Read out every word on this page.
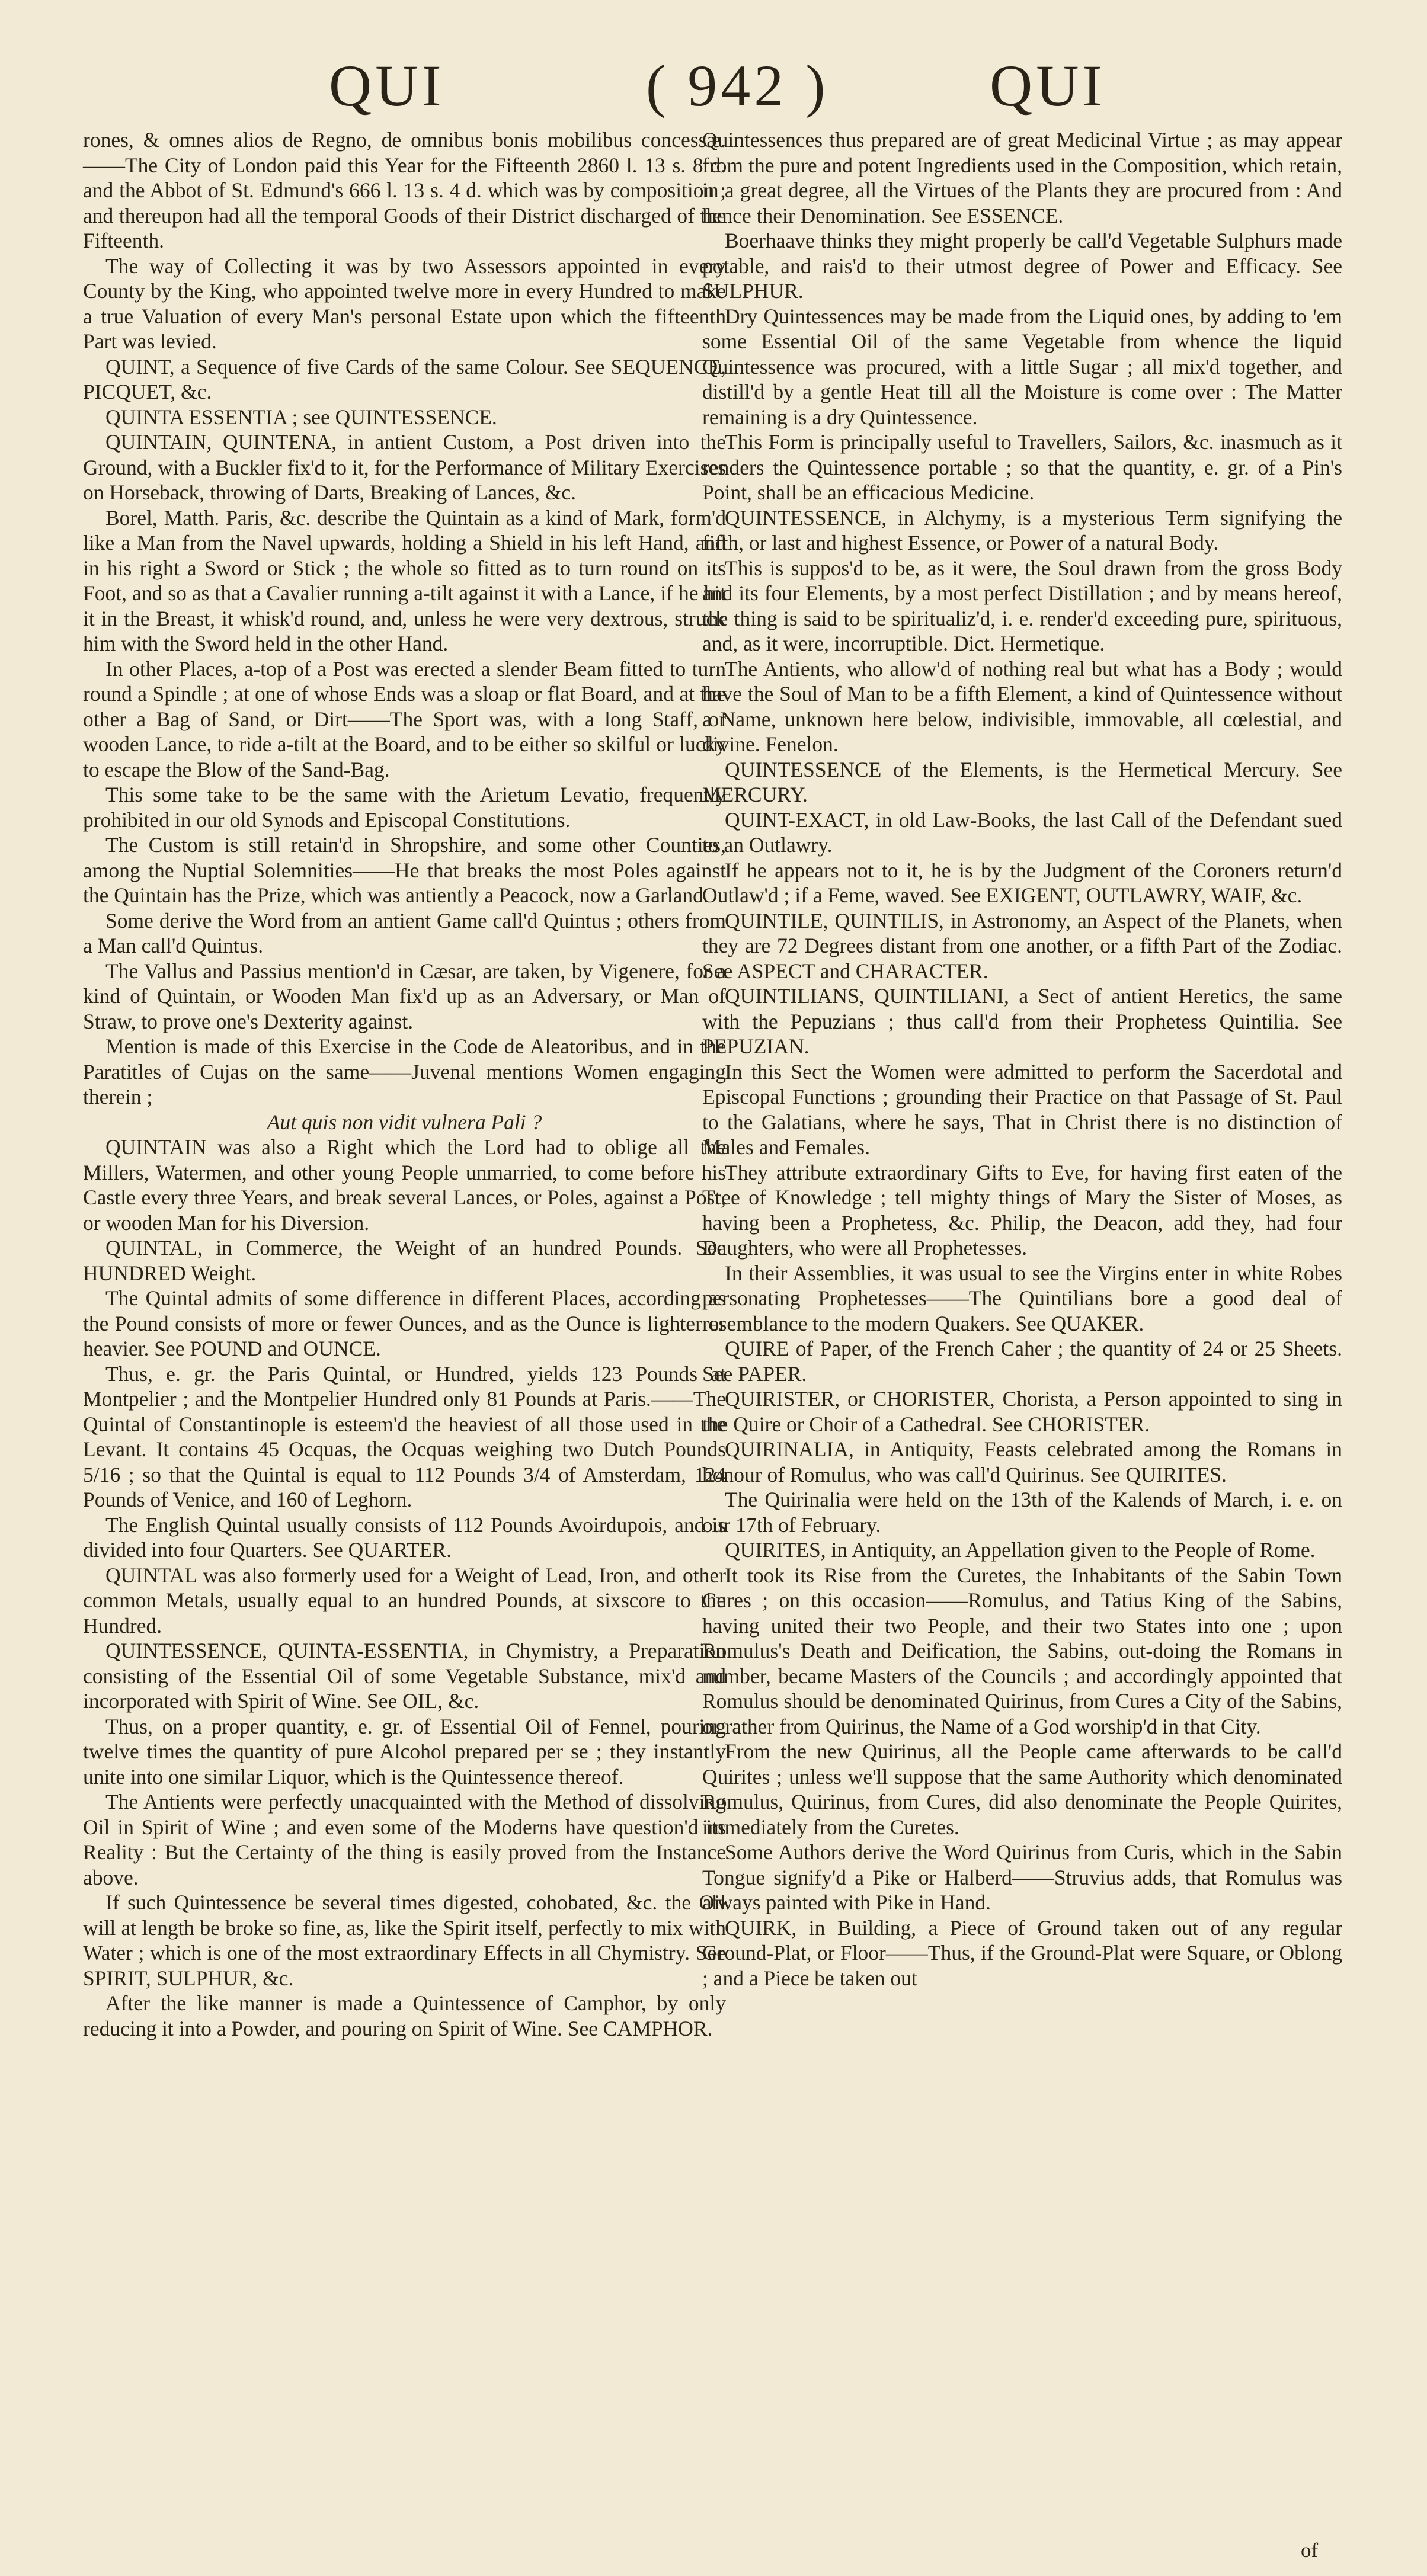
QUI	( 942 )	QUI

rones, & omnes alios de Regno, de omnibus bonis mobilibus concessæ.——The City of London paid this Year for the Fifteenth 2860 l. 13 s. 8 d. and the Abbot of St. Edmund's 666 l. 13 s. 4 d. which was by composition ; and thereupon had all the temporal Goods of their District discharged of the Fifteenth.

The way of Collecting it was by two Assessors appointed in every County by the King, who appointed twelve more in every Hundred to make a true Valuation of every Man's personal Estate upon which the fifteenth Part was levied.

QUINT, a Sequence of five Cards of the same Colour. See SEQUENCE, PICQUET, &c.

QUINTA ESSENTIA ; see QUINTESSENCE.

QUINTAIN, QUINTENA, in antient Custom, a Post driven into the Ground, with a Buckler fix'd to it, for the Performance of Military Exercises on Horseback, throwing of Darts, Breaking of Lances, &c.

Borel, Matth. Paris, &c. describe the Quintain as a kind of Mark, form'd like a Man from the Navel upwards, holding a Shield in his left Hand, and in his right a Sword or Stick ; the whole so fitted as to turn round on its Foot, and so as that a Cavalier running a-tilt against it with a Lance, if he hit it in the Breast, it whisk'd round, and, unless he were very dextrous, struck him with the Sword held in the other Hand.

In other Places, a-top of a Post was erected a slender Beam fitted to turn round a Spindle ; at one of whose Ends was a sloap or flat Board, and at the other a Bag of Sand, or Dirt——The Sport was, with a long Staff, or wooden Lance, to ride a-tilt at the Board, and to be either so skilful or lucky to escape the Blow of the Sand-Bag.

This some take to be the same with the Arietum Levatio, frequently prohibited in our old Synods and Episcopal Constitutions.

The Custom is still retain'd in Shropshire, and some other Counties, among the Nuptial Solemnities——He that breaks the most Poles against the Quintain has the Prize, which was antiently a Peacock, now a Garland.

Some derive the Word from an antient Game call'd Quintus ; others from a Man call'd Quintus.

The Vallus and Passius mention'd in Cæsar, are taken, by Vigenere, for a kind of Quintain, or Wooden Man fix'd up as an Adversary, or Man of Straw, to prove one's Dexterity against.

Mention is made of this Exercise in the Code de Aleatoribus, and in the Paratitles of Cujas on the same——Juvenal mentions Women engaging therein ;

Aut quis non vidit vulnera Pali ?

QUINTAIN was also a Right which the Lord had to oblige all the Millers, Watermen, and other young People unmarried, to come before his Castle every three Years, and break several Lances, or Poles, against a Post, or wooden Man for his Diversion.

QUINTAL, in Commerce, the Weight of an hundred Pounds. See HUNDRED Weight.

The Quintal admits of some difference in different Places, according as the Pound consists of more or fewer Ounces, and as the Ounce is lighter or heavier. See POUND and OUNCE.

Thus, e. gr. the Paris Quintal, or Hundred, yields 123 Pounds at Montpelier ; and the Montpelier Hundred only 81 Pounds at Paris.——The Quintal of Constantinople is esteem'd the heaviest of all those used in the Levant. It contains 45 Ocquas, the Ocquas weighing two Dutch Pounds 5/16 ; so that the Quintal is equal to 112 Pounds 3/4 of Amsterdam, 124 Pounds of Venice, and 160 of Leghorn.

The English Quintal usually consists of 112 Pounds Avoirdupois, and is divided into four Quarters. See QUARTER.

QUINTAL was also formerly used for a Weight of Lead, Iron, and other common Metals, usually equal to an hundred Pounds, at sixscore to the Hundred.

QUINTESSENCE, QUINTA-ESSENTIA, in Chymistry, a Preparation consisting of the Essential Oil of some Vegetable Substance, mix'd and incorporated with Spirit of Wine. See OIL, &c.

Thus, on a proper quantity, e. gr. of Essential Oil of Fennel, pouring twelve times the quantity of pure Alcohol prepared per se ; they instantly unite into one similar Liquor, which is the Quintessence thereof.

The Antients were perfectly unacquainted with the Method of dissolving Oil in Spirit of Wine ; and even some of the Moderns have question'd its Reality : But the Certainty of the thing is easily proved from the Instance above.

If such Quintessence be several times digested, cohobated, &c. the Oil will at length be broke so fine, as, like the Spirit itself, perfectly to mix with Water ; which is one of the most extraordinary Effects in all Chymistry. See SPIRIT, SULPHUR, &c.

After the like manner is made a Quintessence of Camphor, by only reducing it into a Powder, and pouring on Spirit of Wine. See CAMPHOR.

Quintessences thus prepared are of great Medicinal Virtue ; as may appear from the pure and potent Ingredients used in the Composition, which retain, in a great degree, all the Virtues of the Plants they are procured from : And hence their Denomination. See ESSENCE.

Boerhaave thinks they might properly be call'd Vegetable Sulphurs made potable, and rais'd to their utmost degree of Power and Efficacy. See SULPHUR.

Dry Quintessences may be made from the Liquid ones, by adding to 'em some Essential Oil of the same Vegetable from whence the liquid Quintessence was procured, with a little Sugar ; all mix'd together, and distill'd by a gentle Heat till all the Moisture is come over : The Matter remaining is a dry Quintessence.

This Form is principally useful to Travellers, Sailors, &c. inasmuch as it renders the Quintessence portable ; so that the quantity, e. gr. of a Pin's Point, shall be an efficacious Medicine.

QUINTESSENCE, in Alchymy, is a mysterious Term signifying the fifth, or last and highest Essence, or Power of a natural Body.

This is suppos'd to be, as it were, the Soul drawn from the gross Body and its four Elements, by a most perfect Distillation ; and by means hereof, the thing is said to be spiritualiz'd, i. e. render'd exceeding pure, spirituous, and, as it were, incorruptible. Dict. Hermetique.

The Antients, who allow'd of nothing real but what has a Body ; would have the Soul of Man to be a fifth Element, a kind of Quintessence without a Name, unknown here below, indivisible, immovable, all cœlestial, and divine. Fenelon.

QUINTESSENCE of the Elements, is the Hermetical Mercury. See MERCURY.

QUINT-EXACT, in old Law-Books, the last Call of the Defendant sued to an Outlawry.

If he appears not to it, he is by the Judgment of the Coroners return'd Outlaw'd ; if a Feme, waved. See EXIGENT, OUTLAWRY, WAIF, &c.

QUINTILE, QUINTILIS, in Astronomy, an Aspect of the Planets, when they are 72 Degrees distant from one another, or a fifth Part of the Zodiac. See ASPECT and CHARACTER.

QUINTILIANS, QUINTILIANI, a Sect of antient Heretics, the same with the Pepuzians ; thus call'd from their Prophetess Quintilia. See PEPUZIAN.

In this Sect the Women were admitted to perform the Sacerdotal and Episcopal Functions ; grounding their Practice on that Passage of St. Paul to the Galatians, where he says, That in Christ there is no distinction of Males and Females.

They attribute extraordinary Gifts to Eve, for having first eaten of the Tree of Knowledge ; tell mighty things of Mary the Sister of Moses, as having been a Prophetess, &c. Philip, the Deacon, add they, had four Daughters, who were all Prophetesses.

In their Assemblies, it was usual to see the Virgins enter in white Robes personating Prophetesses——The Quintilians bore a good deal of resemblance to the modern Quakers. See QUAKER.

QUIRE of Paper, of the French Caher ; the quantity of 24 or 25 Sheets. See PAPER.

QUIRISTER, or CHORISTER, Chorista, a Person appointed to sing in the Quire or Choir of a Cathedral. See CHORISTER.

QUIRINALIA, in Antiquity, Feasts celebrated among the Romans in honour of Romulus, who was call'd Quirinus. See QUIRITES.

The Quirinalia were held on the 13th of the Kalends of March, i. e. on our 17th of February.

QUIRITES, in Antiquity, an Appellation given to the People of Rome.

It took its Rise from the Curetes, the Inhabitants of the Sabin Town Cures ; on this occasion——Romulus, and Tatius King of the Sabins, having united their two People, and their two States into one ; upon Romulus's Death and Deification, the Sabins, out-doing the Romans in number, became Masters of the Councils ; and accordingly appointed that Romulus should be denominated Quirinus, from Cures a City of the Sabins, or rather from Quirinus, the Name of a God worship'd in that City.

From the new Quirinus, all the People came afterwards to be call'd Quirites ; unless we'll suppose that the same Authority which denominated Romulus, Quirinus, from Cures, did also denominate the People Quirites, immediately from the Curetes.

Some Authors derive the Word Quirinus from Curis, which in the Sabin Tongue signify'd a Pike or Halberd——Struvius adds, that Romulus was always painted with Pike in Hand.

QUIRK, in Building, a Piece of Ground taken out of any regular Ground-Plat, or Floor——Thus, if the Ground-Plat were Square, or Oblong ; and a Piece be taken out

of
